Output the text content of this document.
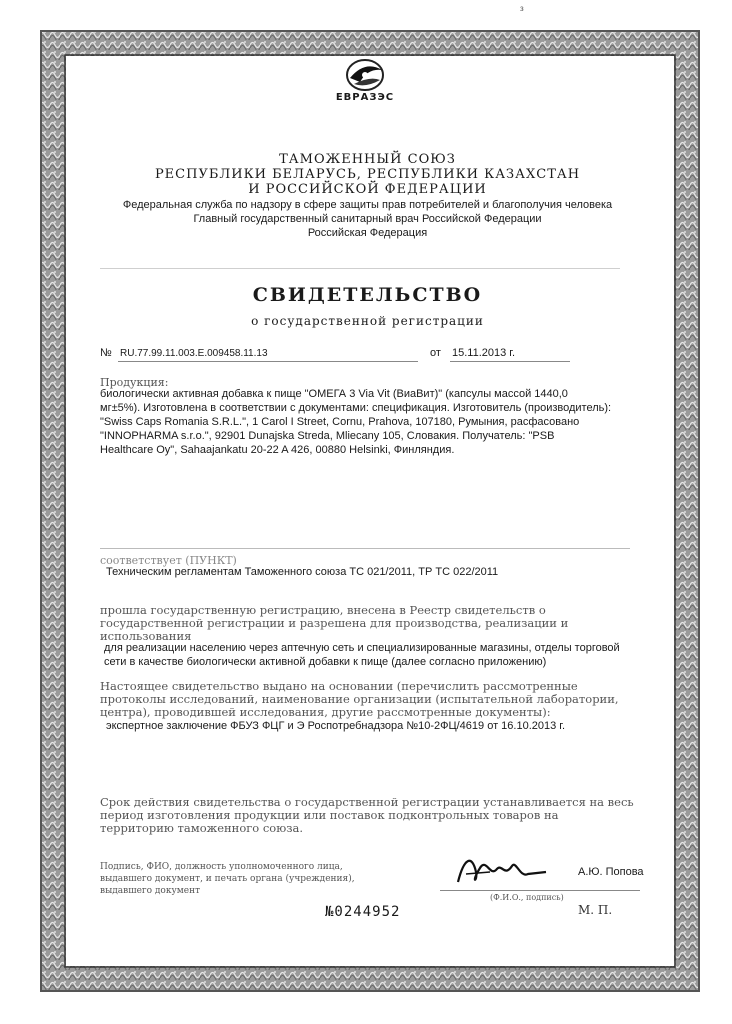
з
ЕВРАЗЭС
ТАМОЖЕННЫЙ СОЮЗ
РЕСПУБЛИКИ БЕЛАРУСЬ, РЕСПУБЛИКИ КАЗАХСТАН
И РОССИЙСКОЙ ФЕДЕРАЦИИ
Федеральная служба по надзору в сфере защиты прав потребителей и благополучия человека
Главный государственный санитарный врач Российской Федерации
Российская Федерация
СВИДЕТЕЛЬСТВО
о государственной регистрации
№ RU.77.99.11.003.Е.009458.11.13	от 15.11.2013 г.
Продукция:
биологически активная добавка к пище "ОМЕГА 3 Via Vit (ВиаВит)" (капсулы массой 1440,0
мг±5%). Изготовлена в соответствии с документами: спецификация. Изготовитель (производитель):
"Swiss Caps Romania S.R.L.", 1 Carol I Street, Cornu, Prahova, 107180, Румыния, расфасовано
"INNOPHARMA s.r.o.", 92901 Dunajska Streda, Mliecany 105, Словакия. Получатель: "PSB
Healthcare Oy", Sahaajankatu 20-22 A 426, 00880 Helsinki, Финляндия.
соответствует (ПУНКТ)
Техническим регламентам Таможенного союза ТС 021/2011, ТР ТС 022/2011
прошла государственную регистрацию, внесена в Реестр свидетельств о
государственной регистрации и разрешена для производства, реализации и
использования
для реализации населению через аптечную сеть и специализированные магазины, отделы торговой
сети в качестве биологически активной добавки к пище (далее согласно приложению)
Настоящее свидетельство выдано на основании (перечислить рассмотренные
протоколы исследований, наименование организации (испытательной лаборатории,
центра), проводившей исследования, другие рассмотренные документы):
экспертное заключение ФБУЗ ФЦГ и Э Роспотребнадзора №10-2ФЦ/4619 от 16.10.2013 г.
Срок действия свидетельства о государственной регистрации устанавливается на весь
период изготовления продукции или поставок подконтрольных товаров на
территорию таможенного союза.
Подпись, ФИО, должность уполномоченного лица,
выдавшего документ, и печать органа (учреждения),
выдавшего документ
А.Ю. Попова
(Ф.И.О., подпись)
№0244952	М. П.
